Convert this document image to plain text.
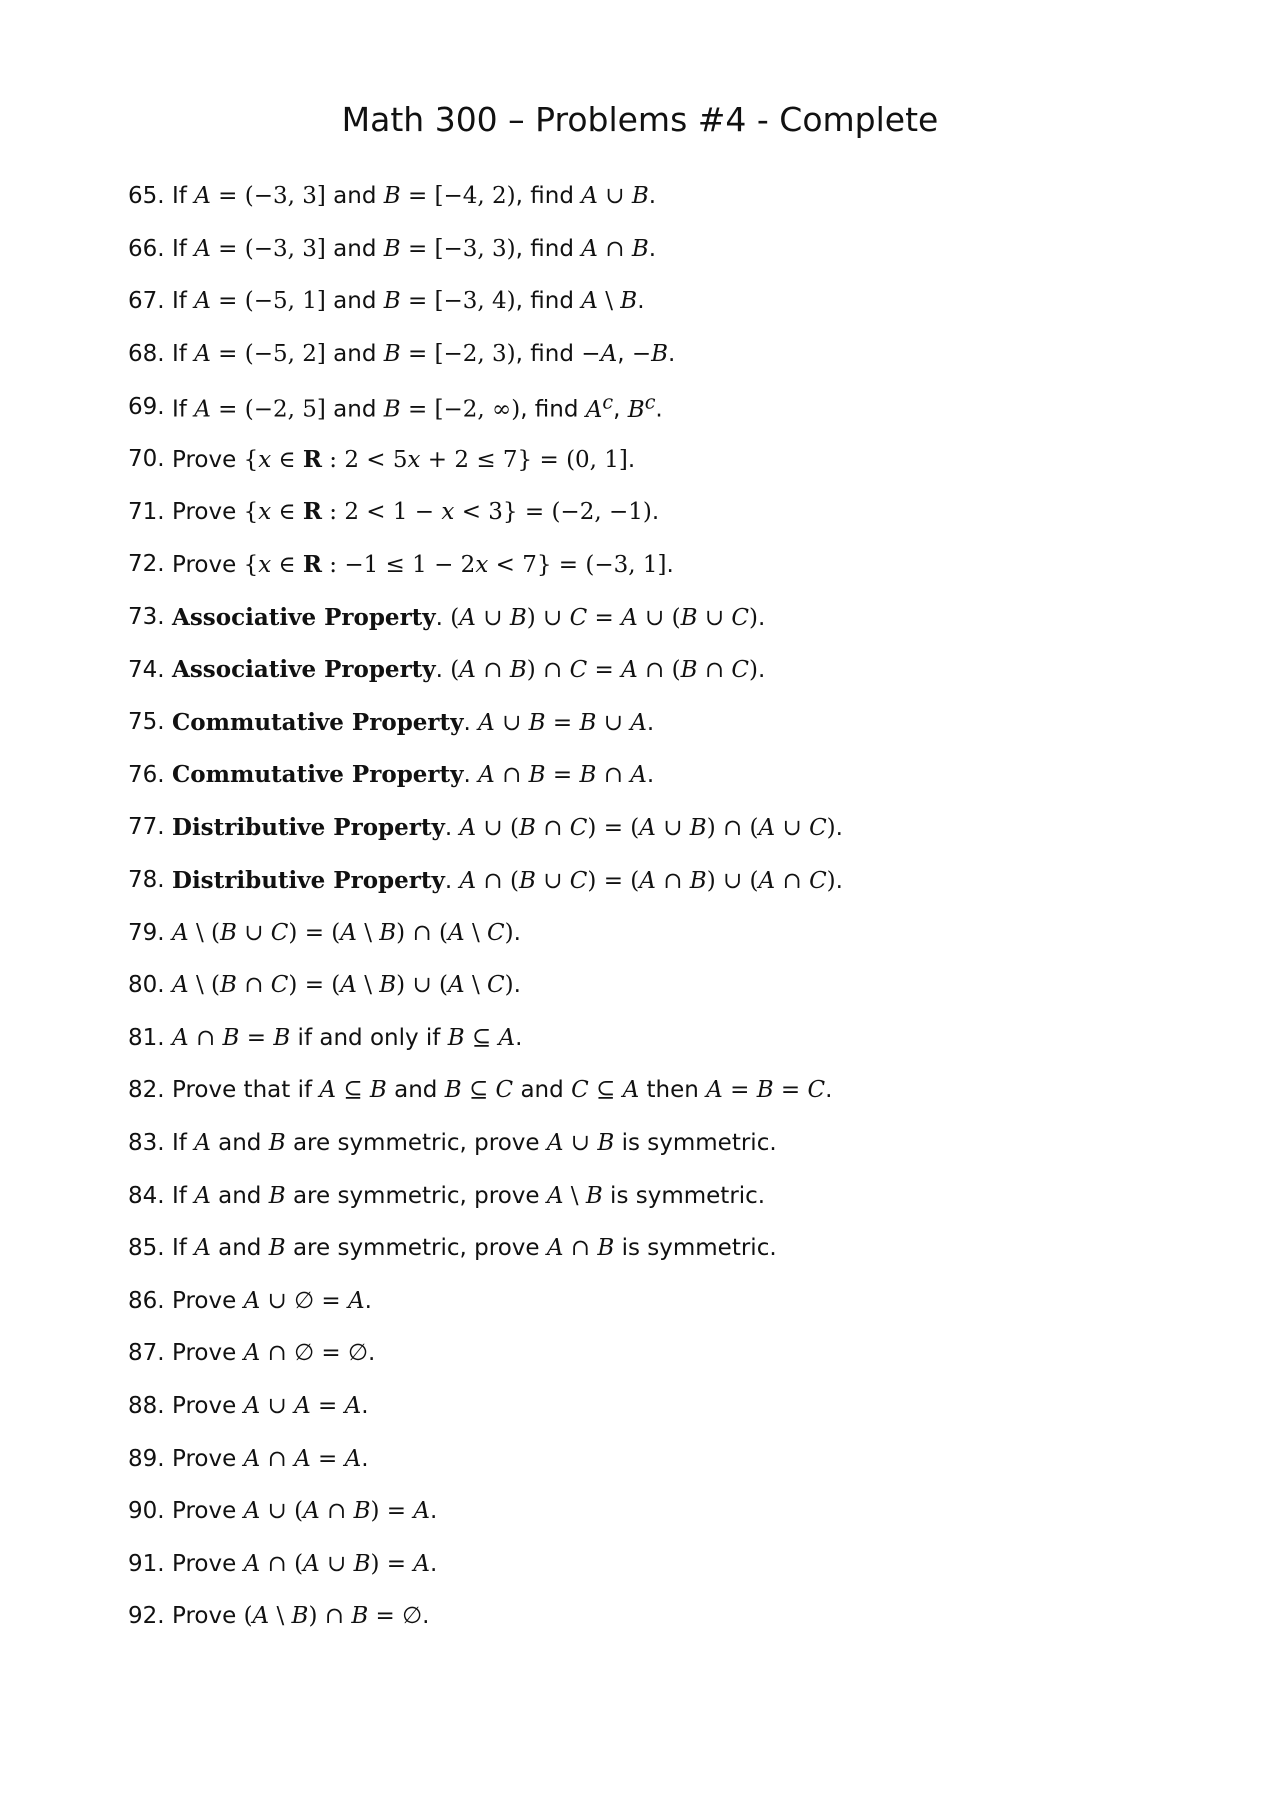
Math 300 – Problems #4 - Complete
65. If A = (−3, 3] and B = [−4, 2), find A ∪ B.
66. If A = (−3, 3] and B = [−3, 3), find A ∩ B.
67. If A = (−5, 1] and B = [−3, 4), find A \ B.
68. If A = (−5, 2] and B = [−2, 3), find −A, −B.
69. If A = (−2, 5] and B = [−2, ∞), find $A^c$, $B^c$.
70. Prove {x ∈ R : 2 < 5x + 2 ≤ 7} = (0, 1].
71. Prove {x ∈ R : 2 < 1 − x < 3} = (−2, −1).
72. Prove {x ∈ R : −1 ≤ 1 − 2x < 7} = (−3, 1].
73. Associative Property. (A ∪ B) ∪ C = A ∪ (B ∪ C).
74. Associative Property. (A ∩ B) ∩ C = A ∩ (B ∩ C).
75. Commutative Property. A ∪ B = B ∪ A.
76. Commutative Property. A ∩ B = B ∩ A.
77. Distributive Property. A ∪ (B ∩ C) = (A ∪ B) ∩ (A ∪ C).
78. Distributive Property. A ∩ (B ∪ C) = (A ∩ B) ∪ (A ∩ C).
79. A \ (B ∪ C) = (A \ B) ∩ (A \ C).
80. A \ (B ∩ C) = (A \ B) ∪ (A \ C).
81. A ∩ B = B if and only if B ⊆ A.
82. Prove that if A ⊆ B and B ⊆ C and C ⊆ A then A = B = C.
83. If A and B are symmetric, prove A ∪ B is symmetric.
84. If A and B are symmetric, prove A \ B is symmetric.
85. If A and B are symmetric, prove A ∩ B is symmetric.
86. Prove A ∪ ∅ = A.
87. Prove A ∩ ∅ = ∅.
88. Prove A ∪ A = A.
89. Prove A ∩ A = A.
90. Prove A ∪ (A ∩ B) = A.
91. Prove A ∩ (A ∪ B) = A.
92. Prove (A \ B) ∩ B = ∅.
